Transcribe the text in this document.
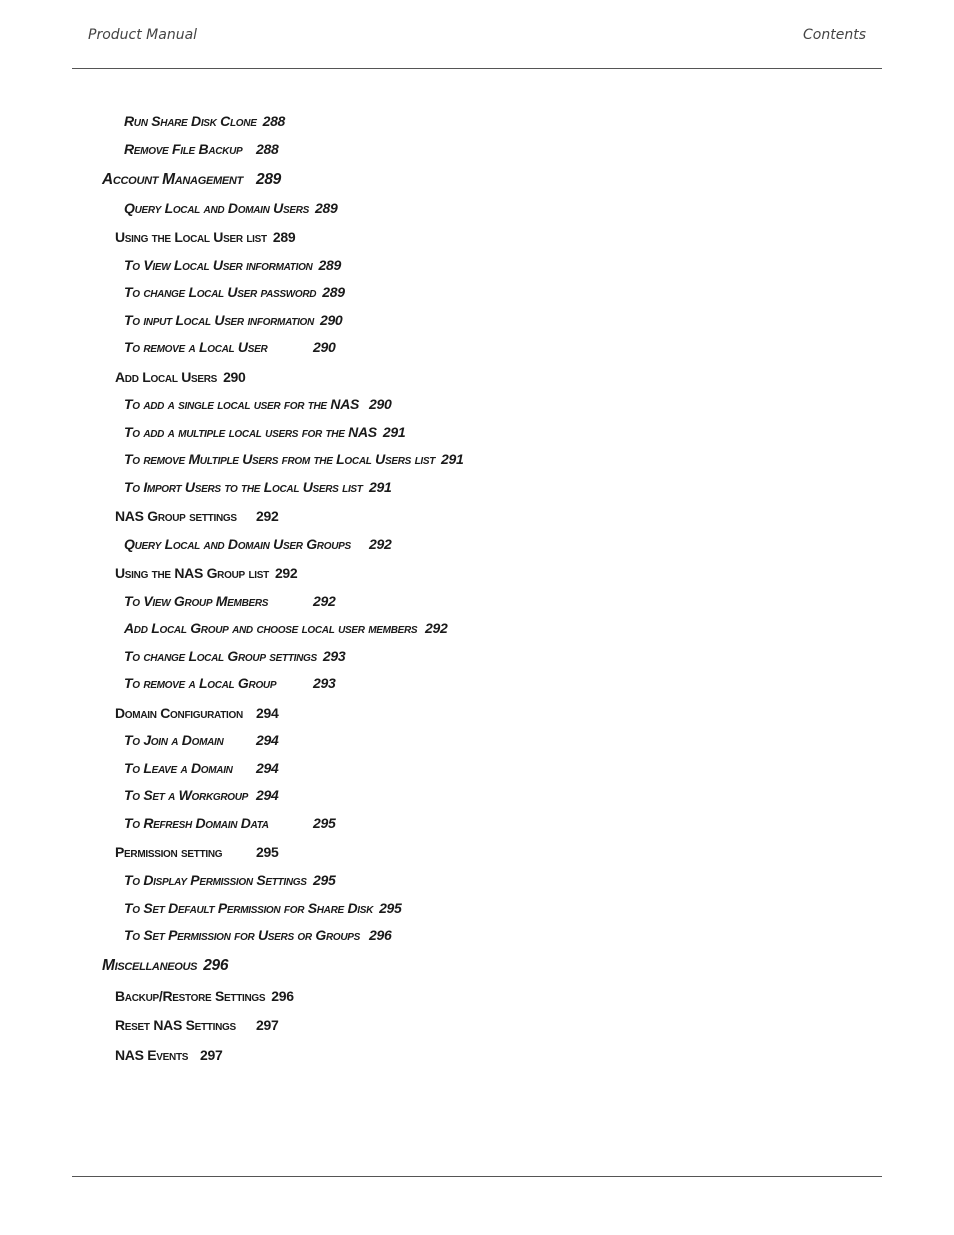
Product Manual	Contents
Run Share Disk Clone 288
Remove File Backup 288
Account Management 289
Query Local and Domain Users 289
Using the Local User list 289
To View Local User information 289
To change Local User password 289
To input Local User information 290
To remove a Local User	290
Add Local Users 290
To add a single local user for the NAS 290
To add a multiple local users for the NAS 291
To remove Multiple Users from the Local Users list 291
To Import Users to the Local Users list 291
NAS Group settings 292
Query Local and Domain User Groups 292
Using the NAS Group list 292
To View Group Members	292
Add Local Group and choose local user members 292
To change Local Group settings 293
To remove a Local Group	293
Domain Configuration 294
To Join a Domain 294
To Leave a Domain 294
To Set a Workgroup 294
To Refresh Domain Data	295
Permission setting 295
To Display Permission Settings 295
To Set Default Permission for Share Disk 295
To Set Permission for Users or Groups 296
Miscellaneous 296
Backup/Restore Settings 296
Reset NAS Settings 297
NAS Events 297
